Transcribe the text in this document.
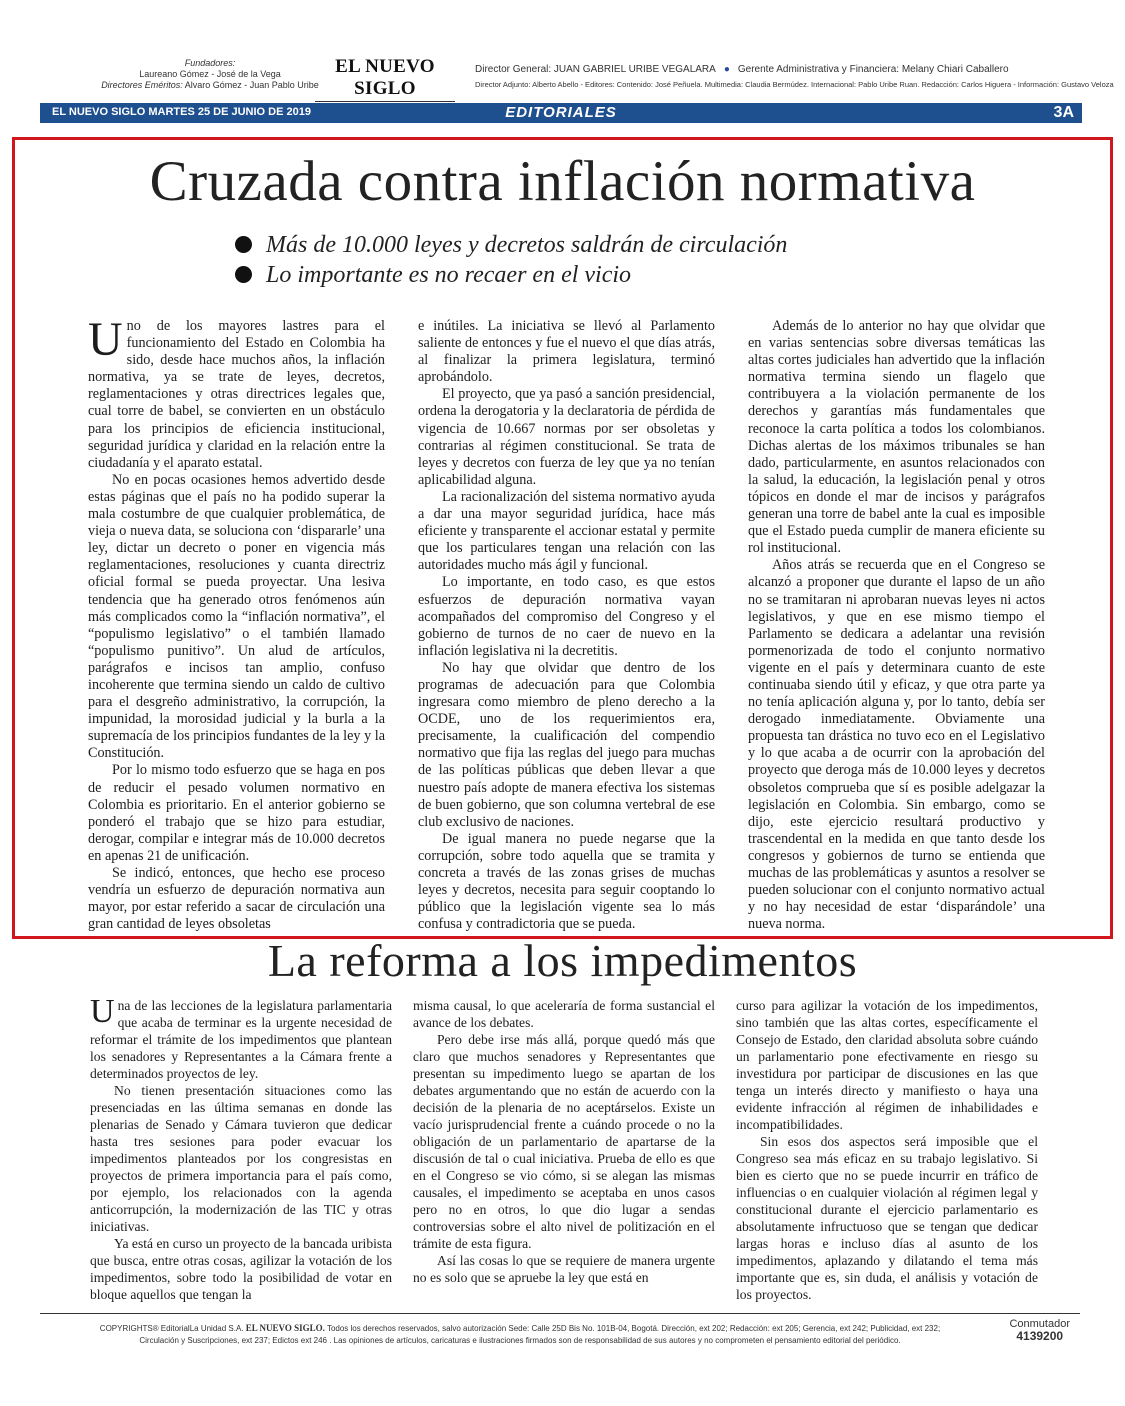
Fundadores:
Laureano Gómez - José de la Vega
Directores Eméritos: Alvaro Gómez - Juan Pablo Uribe
EL NUEVO SIGLO
Director General: JUAN GABRIEL URIBE VEGALARA ● Gerente Administrativa y Financiera: Melany Chiari Caballero
Director Adjunto: Alberto Abello - Editores: Contenido: José Peñuela. Multimedia: Claudia Bermúdez. Internacional: Pablo Uribe Ruan. Redacción: Carlos Higuera - Información: Gustavo Veloza
EL NUEVO SIGLO MARTES 25 DE JUNIO DE 2019	EDITORIALES	3A
Cruzada contra inflación normativa
Más de 10.000 leyes y decretos saldrán de circulación
Lo importante es no recaer en el vicio

Uno de los mayores lastres para el funcionamiento del Estado en Colombia ha sido, desde hace muchos años, la inflación normativa, ya se trate de leyes, decretos, reglamentaciones y otras directrices legales que, cual torre de babel, se convierten en un obstáculo para los principios de eficiencia institucional, seguridad jurídica y claridad en la relación entre la ciudadanía y el aparato estatal.

No en pocas ocasiones hemos advertido desde estas páginas que el país no ha podido superar la mala costumbre de que cualquier problemática, de vieja o nueva data, se soluciona con ‘dispararle’ una ley, dictar un decreto o poner en vigencia más reglamentaciones, resoluciones y cuanta directriz oficial formal se pueda proyectar. Una lesiva tendencia que ha generado otros fenómenos aún más complicados como la “inflación normativa”, el “populismo legislativo” o el también llamado “populismo punitivo”. Un alud de artículos, parágrafos e incisos tan amplio, confuso incoherente que termina siendo un caldo de cultivo para el desgreño administrativo, la corrupción, la impunidad, la morosidad judicial y la burla a la supremacía de los principios fundantes de la ley y la Constitución.

Por lo mismo todo esfuerzo que se haga en pos de reducir el pesado volumen normativo en Colombia es prioritario. En el anterior gobierno se ponderó el trabajo que se hizo para estudiar, derogar, compilar e integrar más de 10.000 decretos en apenas 21 de unificación.

Se indicó, entonces, que hecho ese proceso vendría un esfuerzo de depuración normativa aun mayor, por estar referido a sacar de circulación una gran cantidad de leyes obsoletas

e inútiles. La iniciativa se llevó al Parlamento saliente de entonces y fue el nuevo el que días atrás, al finalizar la primera legislatura, terminó aprobándolo.

El proyecto, que ya pasó a sanción presidencial, ordena la derogatoria y la declaratoria de pérdida de vigencia de 10.667 normas por ser obsoletas y contrarias al régimen constitucional. Se trata de leyes y decretos con fuerza de ley que ya no tenían aplicabilidad alguna.

La racionalización del sistema normativo ayuda a dar una mayor seguridad jurídica, hace más eficiente y transparente el accionar estatal y permite que los particulares tengan una relación con las autoridades mucho más ágil y funcional.

Lo importante, en todo caso, es que estos esfuerzos de depuración normativa vayan acompañados del compromiso del Congreso y el gobierno de turnos de no caer de nuevo en la inflación legislativa ni la decretitis.

No hay que olvidar que dentro de los programas de adecuación para que Colombia ingresara como miembro de pleno derecho a la OCDE, uno de los requerimientos era, precisamente, la cualificación del compendio normativo que fija las reglas del juego para muchas de las políticas públicas que deben llevar a que nuestro país adopte de manera efectiva los sistemas de buen gobierno, que son columna vertebral de ese club exclusivo de naciones.

De igual manera no puede negarse que la corrupción, sobre todo aquella que se tramita y concreta a través de las zonas grises de muchas leyes y decretos, necesita para seguir cooptando lo público que la legislación vigente sea lo más confusa y contradictoria que se pueda.

Además de lo anterior no hay que olvidar que en varias sentencias sobre diversas temáticas las altas cortes judiciales han advertido que la inflación normativa termina siendo un flagelo que contribuyera a la violación permanente de los derechos y garantías más fundamentales que reconoce la carta política a todos los colombianos. Dichas alertas de los máximos tribunales se han dado, particularmente, en asuntos relacionados con la salud, la educación, la legislación penal y otros tópicos en donde el mar de incisos y parágrafos generan una torre de babel ante la cual es imposible que el Estado pueda cumplir de manera eficiente su rol institucional.

Años atrás se recuerda que en el Congreso se alcanzó a proponer que durante el lapso de un año no se tramitaran ni aprobaran nuevas leyes ni actos legislativos, y que en ese mismo tiempo el Parlamento se dedicara a adelantar una revisión pormenorizada de todo el conjunto normativo vigente en el país y determinara cuanto de este continuaba siendo útil y eficaz, y que otra parte ya no tenía aplicación alguna y, por lo tanto, debía ser derogado inmediatamente. Obviamente una propuesta tan drástica no tuvo eco en el Legislativo y lo que acaba a de ocurrir con la aprobación del proyecto que deroga más de 10.000 leyes y decretos obsoletos comprueba que sí es posible adelgazar la legislación en Colombia. Sin embargo, como se dijo, este ejercicio resultará productivo y trascendental en la medida en que tanto desde los congresos y gobiernos de turno se entienda que muchas de las problemáticas y asuntos a resolver se pueden solucionar con el conjunto normativo actual y no hay necesidad de estar ‘disparándole’ una nueva norma.

La reforma a los impedimentos

Una de las lecciones de la legislatura parlamentaria que acaba de terminar es la urgente necesidad de reformar el trámite de los impedimentos que plantean los senadores y Representantes a la Cámara frente a determinados proyectos de ley.

No tienen presentación situaciones como las presenciadas en las última semanas en donde las plenarias de Senado y Cámara tuvieron que dedicar hasta tres sesiones para poder evacuar los impedimentos planteados por los congresistas en proyectos de primera importancia para el país como, por ejemplo, los relacionados con la agenda anticorrupción, la modernización de las TIC y otras iniciativas.

Ya está en curso un proyecto de la bancada uribista que busca, entre otras cosas, agilizar la votación de los impedimentos, sobre todo la posibilidad de votar en bloque aquellos que tengan la

misma causal, lo que aceleraría de forma sustancial el avance de los debates.

Pero debe irse más allá, porque quedó más que claro que muchos senadores y Representantes que presentan su impedimento luego se apartan de los debates argumentando que no están de acuerdo con la decisión de la plenaria de no aceptárselos. Existe un vacío jurisprudencial frente a cuándo procede o no la obligación de un parlamentario de apartarse de la discusión de tal o cual iniciativa. Prueba de ello es que en el Congreso se vio cómo, si se alegan las mismas causales, el impedimento se aceptaba en unos casos pero no en otros, lo que dio lugar a sendas controversias sobre el alto nivel de politización en el trámite de esta figura.

Así las cosas lo que se requiere de manera urgente no es solo que se apruebe la ley que está en

curso para agilizar la votación de los impedimentos, sino también que las altas cortes, específicamente el Consejo de Estado, den claridad absoluta sobre cuándo un parlamentario pone efectivamente en riesgo su investidura por participar de discusiones en las que tenga un interés directo y manifiesto o haya una evidente infracción al régimen de inhabilidades e incompatibilidades.

Sin esos dos aspectos será imposible que el Congreso sea más eficaz en su trabajo legislativo. Si bien es cierto que no se puede incurrir en tráfico de influencias o en cualquier violación al régimen legal y constitucional durante el ejercicio parlamentario es absolutamente infructuoso que se tengan que dedicar largas horas e incluso días al asunto de los impedimentos, aplazando y dilatando el tema más importante que es, sin duda, el análisis y votación de los proyectos.

COPYRIGHTS® EditorialLa Unidad S.A. EL NUEVO SIGLO. Todos los derechos reservados, salvo autorización Sede: Calle 25D Bis No. 101B-04, Bogotá. Dirección, ext 202; Redacción: ext 205; Gerencia, ext 242; Publicidad, ext 232;
Circulación y Suscripciones, ext 237; Edictos ext 246 . Las opiniones de artículos, caricaturas e ilustraciones firmados son de responsabilidad de sus autores y no comprometen el pensamiento editorial del periódico.
Conmutador
4139200
